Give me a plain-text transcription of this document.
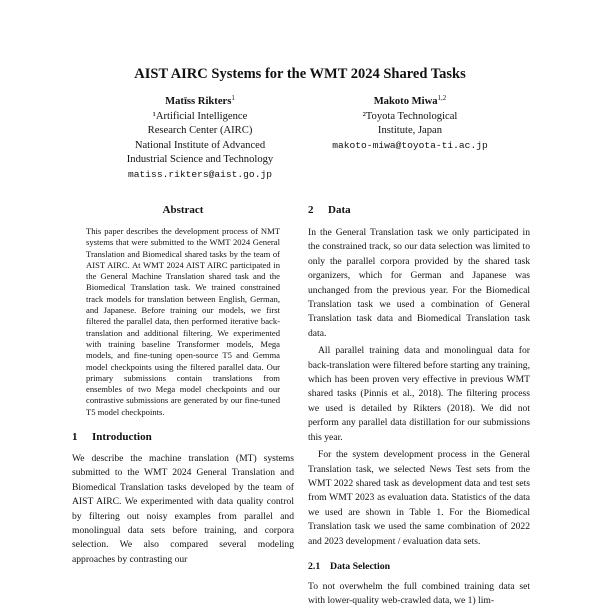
AIST AIRC Systems for the WMT 2024 Shared Tasks
Matīss Rikters$^1$
¹Artificial Intelligence
Research Center (AIRC)
National Institute of Advanced
Industrial Science and Technology
matiss.rikters@aist.go.jp
Makoto Miwa$^{1,2}$
²Toyota Technological
Institute, Japan
makoto-miwa@toyota-ti.ac.jp
Abstract

This paper describes the development process of NMT systems that were submitted to the WMT 2024 General Translation and Biomedical shared tasks by the team of AIST AIRC. At WMT 2024 AIST AIRC participated in the General Machine Translation shared task and the Biomedical Translation task. We trained constrained track models for translation between English, German, and Japanese. Before training our models, we first filtered the parallel data, then performed iterative back-translation and additional filtering. We experimented with training baseline Transformer models, Mega models, and fine-tuning open-source T5 and Gemma model checkpoints using the filtered parallel data. Our primary submissions contain translations from ensembles of two Mega model checkpoints and our contrastive submissions are generated by our fine-tuned T5 model checkpoints.

1 Introduction

We describe the machine translation (MT) systems submitted to the WMT 2024 General Translation and Biomedical Translation tasks developed by the team of AIST AIRC. We experimented with data quality control by filtering out noisy examples from parallel and monolingual data sets before training, and corpora selection. We also compared several modeling approaches by contrasting our

2 Data

In the General Translation task we only participated in the constrained track, so our data selection was limited to only the parallel corpora provided by the shared task organizers, which for German and Japanese was unchanged from the previous year. For the Biomedical Translation task we used a combination of General Translation task data and Biomedical Translation task data.

All parallel training data and monolingual data for back-translation were filtered before starting any training, which has been proven very effective in previous WMT shared tasks (Pinnis et al., 2018). The filtering process we used is detailed by Rikters (2018). We did not perform any parallel data distillation for our submissions this year.

For the system development process in the General Translation task, we selected News Test sets from the WMT 2022 shared task as development data and test sets from WMT 2023 as evaluation data. Statistics of the data we used are shown in Table 1. For the Biomedical Translation task we used the same combination of 2022 and 2023 development / evaluation data sets.

2.1 Data Selection

To not overwhelm the full combined training data set with lower-quality web-crawled data, we 1) lim-
